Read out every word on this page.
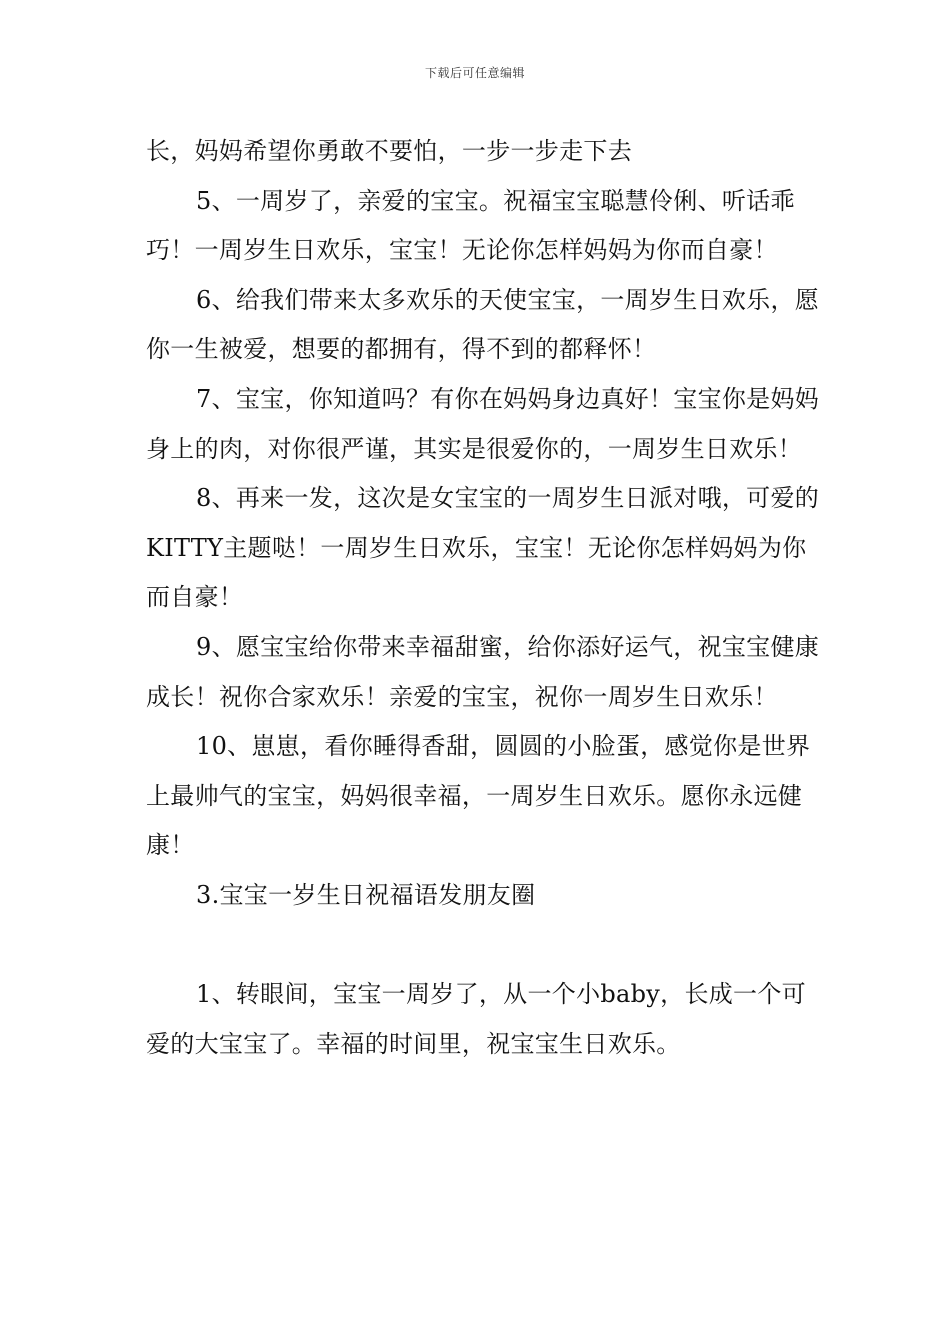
下载后可任意编辑

长，妈妈希望你勇敢不要怕，一步一步走下去

5、一周岁了，亲爱的宝宝。祝福宝宝聪慧伶俐、听话乖巧！一周岁生日欢乐，宝宝！无论你怎样妈妈为你而自豪！

6、给我们带来太多欢乐的天使宝宝，一周岁生日欢乐，愿你一生被爱，想要的都拥有，得不到的都释怀！

7、宝宝，你知道吗？有你在妈妈身边真好！宝宝你是妈妈身上的肉，对你很严谨，其实是很爱你的，一周岁生日欢乐！

8、再来一发，这次是女宝宝的一周岁生日派对哦，可爱的KITTY主题哒！一周岁生日欢乐，宝宝！无论你怎样妈妈为你而自豪！

9、愿宝宝给你带来幸福甜蜜，给你添好运气，祝宝宝健康成长！祝你合家欢乐！亲爱的宝宝，祝你一周岁生日欢乐！

10、崽崽，看你睡得香甜，圆圆的小脸蛋，感觉你是世界上最帅气的宝宝，妈妈很幸福，一周岁生日欢乐。愿你永远健康！

3.宝宝一岁生日祝福语发朋友圈

1、转眼间，宝宝一周岁了，从一个小baby，长成一个可爱的大宝宝了。幸福的时间里，祝宝宝生日欢乐。
